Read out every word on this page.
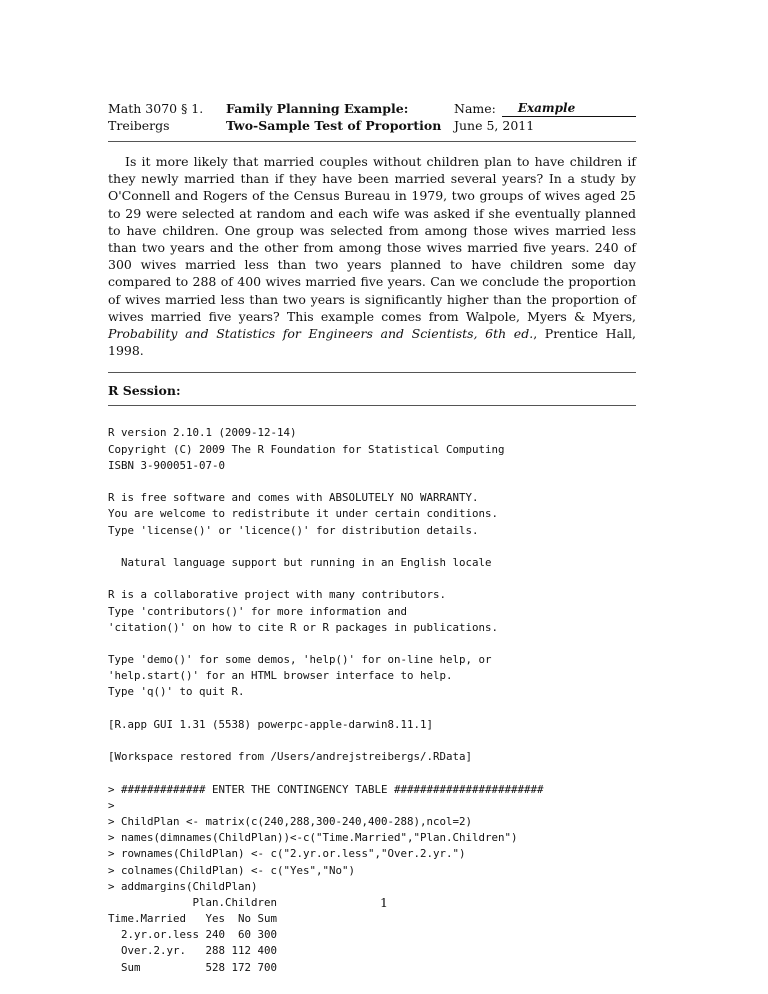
Math 3070 § 1.
Treibergs
Family Planning Example:
Two-Sample Test of Proportion
Name:	Example
June 5, 2011

Is it more likely that married couples without children plan to have children if they newly married than if they have been married several years? In a study by O'Connell and Rogers of the Census Bureau in 1979, two groups of wives aged 25 to 29 were selected at random and each wife was asked if she eventually planned to have children. One group was selected from among those wives married less than two years and the other from among those wives married five years. 240 of 300 wives married less than two years planned to have children some day compared to 288 of 400 wives married five years. Can we conclude the proportion of wives married less than two years is significantly higher than the proportion of wives married five years? This example comes from Walpole, Myers & Myers, Probability and Statistics for Engineers and Scientists, 6th ed., Prentice Hall, 1998.

R Session:
R version 2.10.1 (2009-12-14)
Copyright (C) 2009 The R Foundation for Statistical Computing
ISBN 3-900051-07-0
R is free software and comes with ABSOLUTELY NO WARRANTY.
You are welcome to redistribute it under certain conditions.
Type 'license()' or 'licence()' for distribution details.
Natural language support but running in an English locale
R is a collaborative project with many contributors.
Type 'contributors()' for more information and
'citation()' on how to cite R or R packages in publications.
Type 'demo()' for some demos, 'help()' for on-line help, or
'help.start()' for an HTML browser interface to help.
Type 'q()' to quit R.
[R.app GUI 1.31 (5538) powerpc-apple-darwin8.11.1]
[Workspace restored from /Users/andrejstreibergs/.RData]
> ############# ENTER THE CONTINGENCY TABLE #######################
>
> ChildPlan <- matrix(c(240,288,300-240,400-288),ncol=2)
> names(dimnames(ChildPlan))<-c("Time.Married","Plan.Children")
> rownames(ChildPlan) <- c("2.yr.or.less","Over.2.yr.")
> colnames(ChildPlan) <- c("Yes","No")
> addmargins(ChildPlan)
Plan.Children
Time.Married   Yes  No Sum
2.yr.or.less 240  60 300
Over.2.yr.   288 112 400
Sum          528 172 700
1
